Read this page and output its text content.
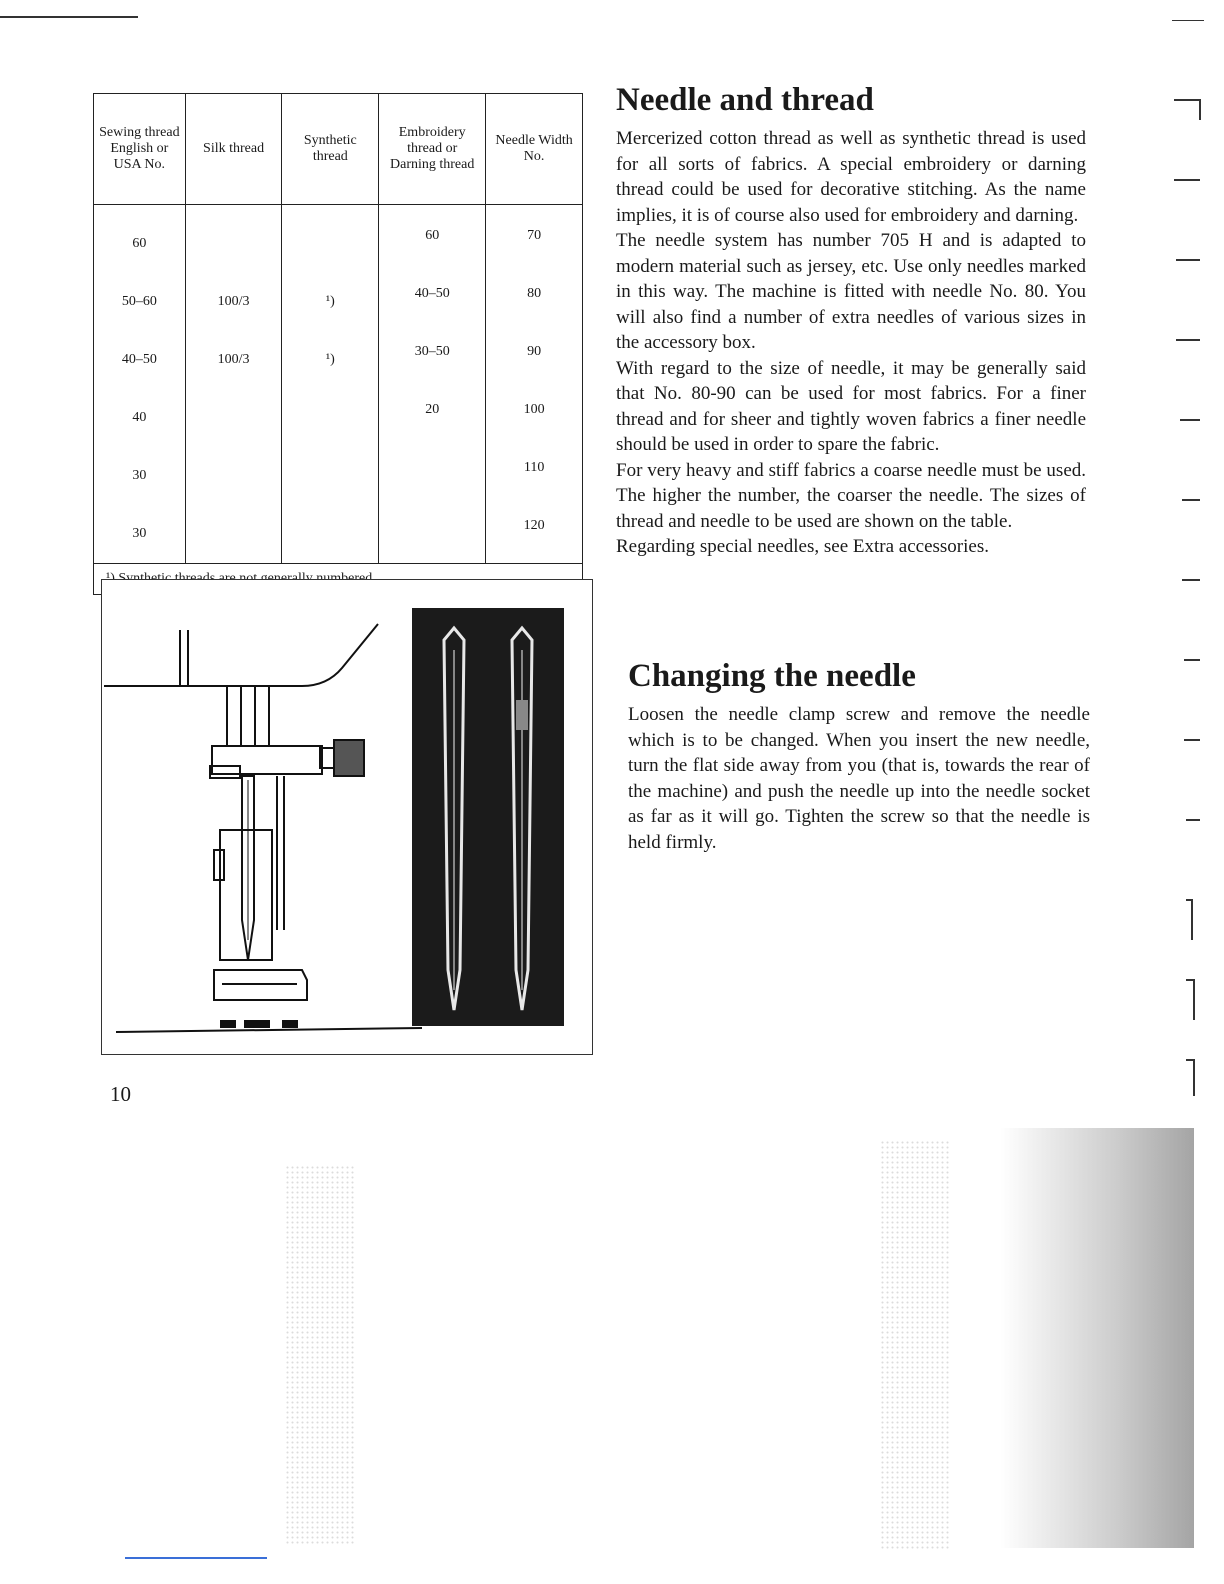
Sewing thread English or USA No.	Silk thread	Synthetic thread	Embroidery thread or Darning thread	Needle Width No.
60			60	70
50–60	100/3	¹)	40–50	80
40–50	100/3	¹)	30–50	90
40			20	100
30				110
30				120

10
Needle and thread

Mercerized cotton thread as well as synthetic thread is used for all sorts of fabrics. A special embroidery or darning thread could be used for decorative stitching. As the name implies, it is of course also used for embroidery and darning.

The needle system has number 705 H and is adapted to modern material such as jersey, etc. Use only needles marked in this way. The machine is fitted with needle No. 80. You will also find a number of extra needles of various sizes in the accessory box.

With regard to the size of needle, it may be generally said that No. 80-90 can be used for most fabrics. For a finer thread and for sheer and tightly woven fabrics a finer needle should be used in order to spare the fabric.

For very heavy and stiff fabrics a coarse needle must be used. The higher the number, the coarser the needle. The sizes of thread and needle to be used are shown on the table.

Regarding special needles, see Extra accessories.

Changing the needle

Loosen the needle clamp screw and remove the needle which is to be changed. When you insert the new needle, turn the flat side away from you (that is, towards the rear of the machine) and push the needle up into the needle socket as far as it will go. Tighten the screw so that the needle is held firmly.
